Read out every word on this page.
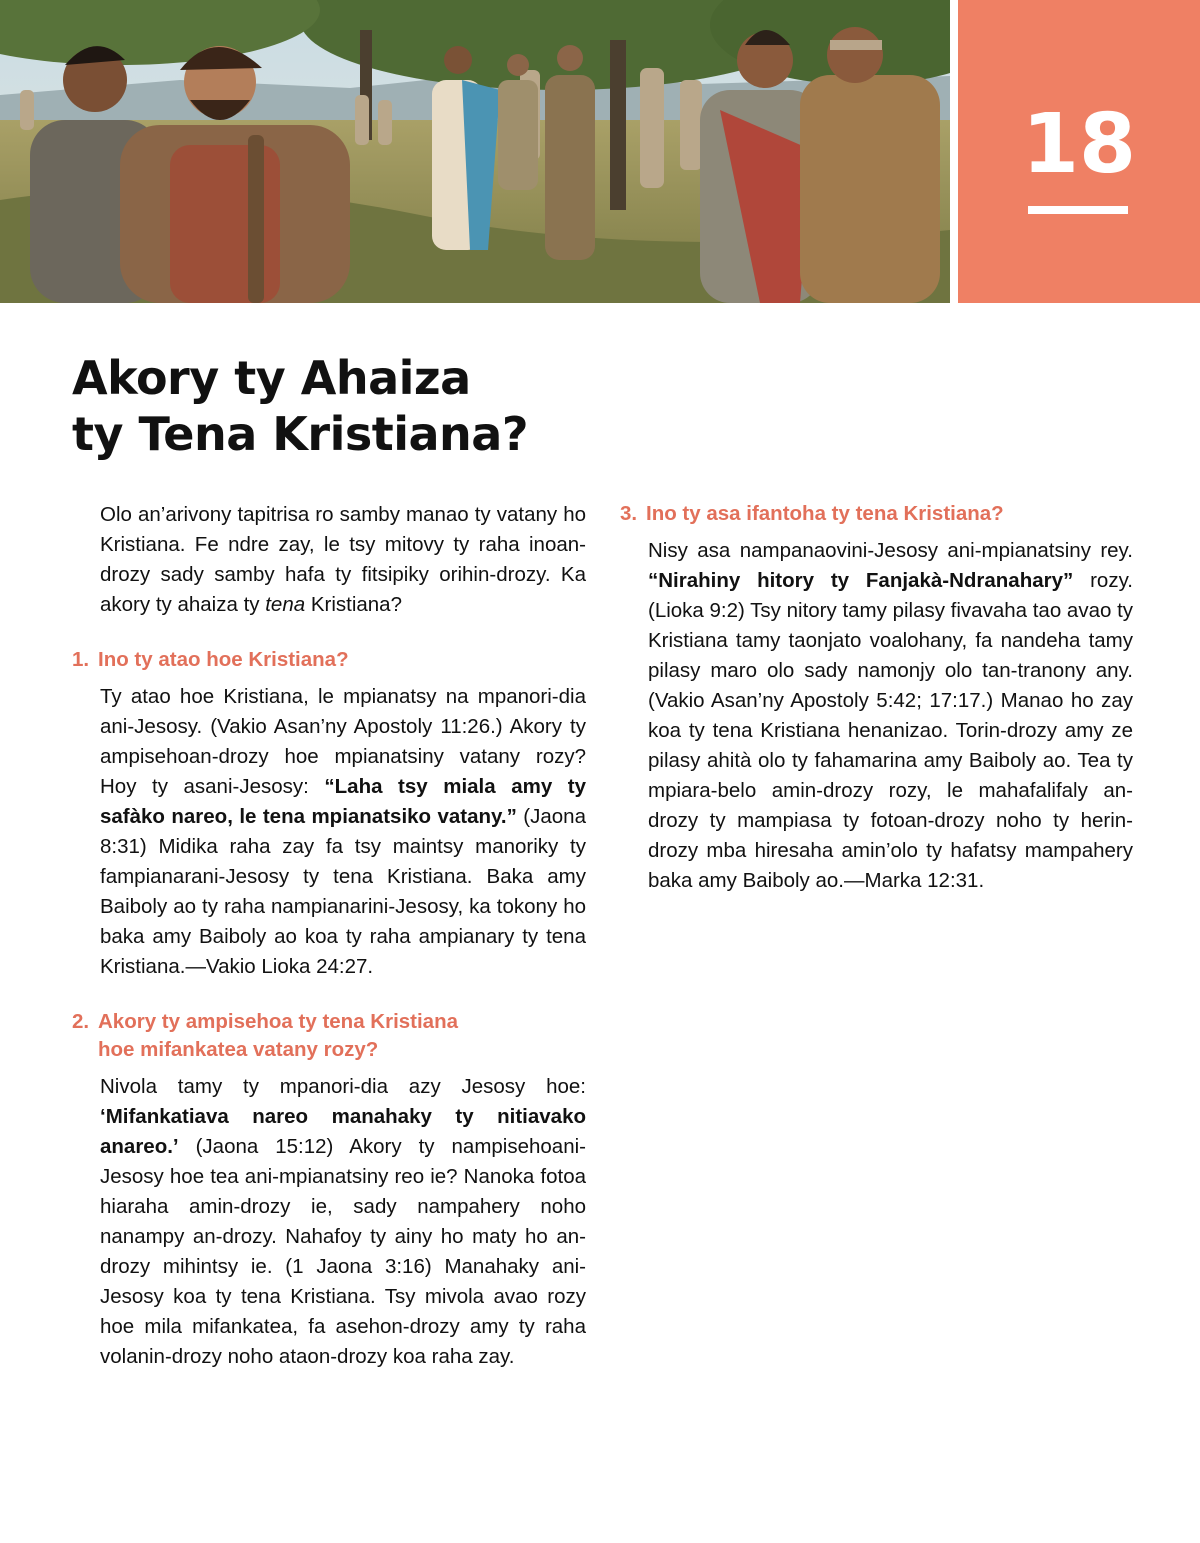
18
Akory ty Ahaiza
ty Tena Kristiana?

Olo an’arivony tapitrisa ro samby manao ty vatany ho Kristiana. Fe ndre zay, le tsy mitovy ty raha inoan-drozy sady samby hafa ty fitsipiky orihin-drozy. Ka akory ty ahaiza ty tena Kristiana?

1. Ino ty atao hoe Kristiana?

Ty atao hoe Kristiana, le mpianatsy na mpanori-dia ani-Jesosy. (Vakio Asan’ny Apostoly 11:26.) Akory ty ampisehoan-drozy hoe mpianatsiny vatany rozy? Hoy ty asani-Jesosy: “Laha tsy miala amy ty safàko nareo, le tena mpianatsiko vatany.” (Jaona 8:31) Midika raha zay fa tsy maintsy manoriky ty fampianarani-Jesosy ty tena Kristiana. Baka amy Baiboly ao ty raha nampianarini-Jesosy, ka tokony ho baka amy Baiboly ao koa ty raha ampianary ty tena Kristiana.—Vakio Lioka 24:27.

2. Akory ty ampisehoa ty tena Kristiana
hoe mifankatea vatany rozy?

Nivola tamy ty mpanori-dia azy Jesosy hoe: ‘Mifankatiava nareo manahaky ty nitiavako anareo.’ (Jaona 15:12) Akory ty nampisehoani-Jesosy hoe tea ani-mpianatsiny reo ie? Nanoka fotoa hiaraha amin-drozy ie, sady nampahery noho nanampy an-drozy. Nahafoy ty ainy ho maty ho an-drozy mihintsy ie. (1 Jaona 3:16) Manahaky ani-Jesosy koa ty tena Kristiana. Tsy mivola avao rozy hoe mila mifankatea, fa asehon-drozy amy ty raha volanin-drozy noho ataon-drozy koa raha zay.

3. Ino ty asa ifantoha ty tena Kristiana?

Nisy asa nampanaovini-Jesosy ani-mpianatsiny rey. “Nirahiny hitory ty Fanjakà-Ndranahary” rozy. (Lioka 9:2) Tsy nitory tamy pilasy fivavaha tao avao ty Kristiana tamy taonjato voalohany, fa nandeha tamy pilasy maro olo sady namonjy olo tan-tranony any. (Vakio Asan’ny Apostoly 5:42; 17:17.) Manao ho zay koa ty tena Kristiana henanizao. Torin-drozy amy ze pilasy ahità olo ty fahamarina amy Baiboly ao. Tea ty mpiara-belo amin-drozy rozy, le mahafalifaly an-drozy ty mampiasa ty fotoan-drozy noho ty herin-drozy mba hiresaha amin’olo ty hafatsy mampahery baka amy Baiboly ao.—Marka 12:31.
